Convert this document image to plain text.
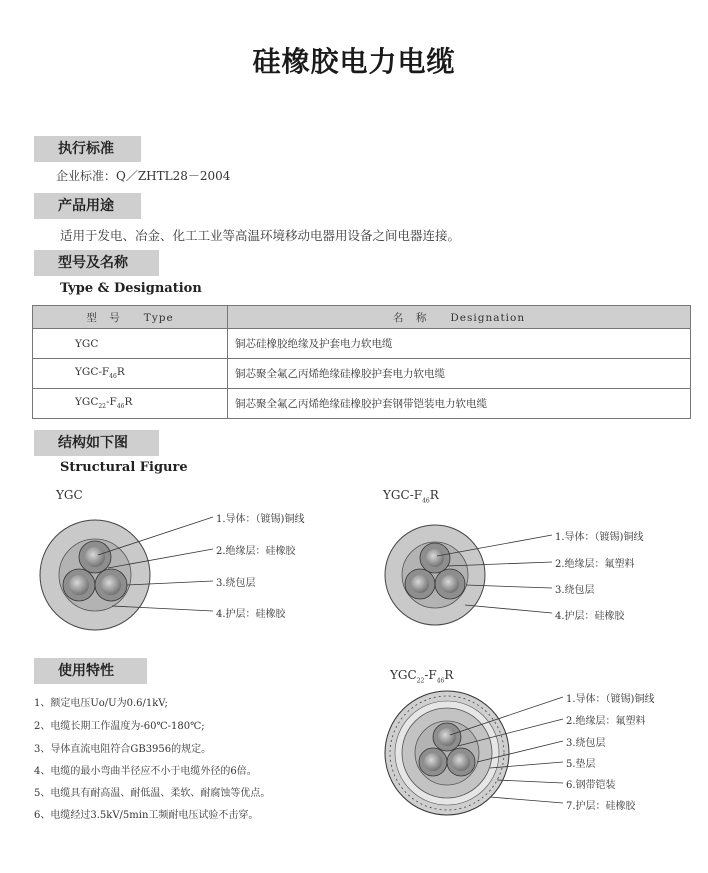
硅橡胶电力电缆
执行标准
企业标准：Q／ZHTL28－2004
产品用途
适用于发电、冶金、化工工业等高温环境移动电器用设备之间电器连接。
型号及名称
Type & Designation
型　号　　Type	名　称　　Designation
YGC	铜芯硅橡胶绝缘及护套电力软电缆
YGC-$F_{46}R$	铜芯聚全氟乙丙烯绝缘硅橡胶护套电力软电缆
$YGC_{22}-F_{46}R$	铜芯聚全氟乙丙烯绝缘硅橡胶护套钢带铠装电力软电缆
结构如下图
Structural Figure
YGC	YGC-$F_{46}R$
$YGC_{22}-F_{46}R$
1.导体：（镀锡)铜线
2.绝缘层：硅橡胶
3.绕包层
4.护层：硅橡胶
1.导体：（镀锡)铜线
2.绝缘层：氟塑料
3.绕包层
4.护层：硅橡胶
1.导体：（镀锡)铜线
2.绝缘层：氟塑料
3.绕包层
5.垫层
6.钢带铠装
7.护层：硅橡胶
使用特性
1、额定电压Uo/U为0.6/1kV;
2、电缆长期工作温度为-60℃-180℃;
3、导体直流电阻符合GB3956的规定。
4、电缆的最小弯曲半径应不小于电缆外径的6倍。
5、电缆具有耐高温、耐低温、柔软、耐腐蚀等优点。
6、电缆经过3.5kV/5min工频耐电压试验不击穿。
